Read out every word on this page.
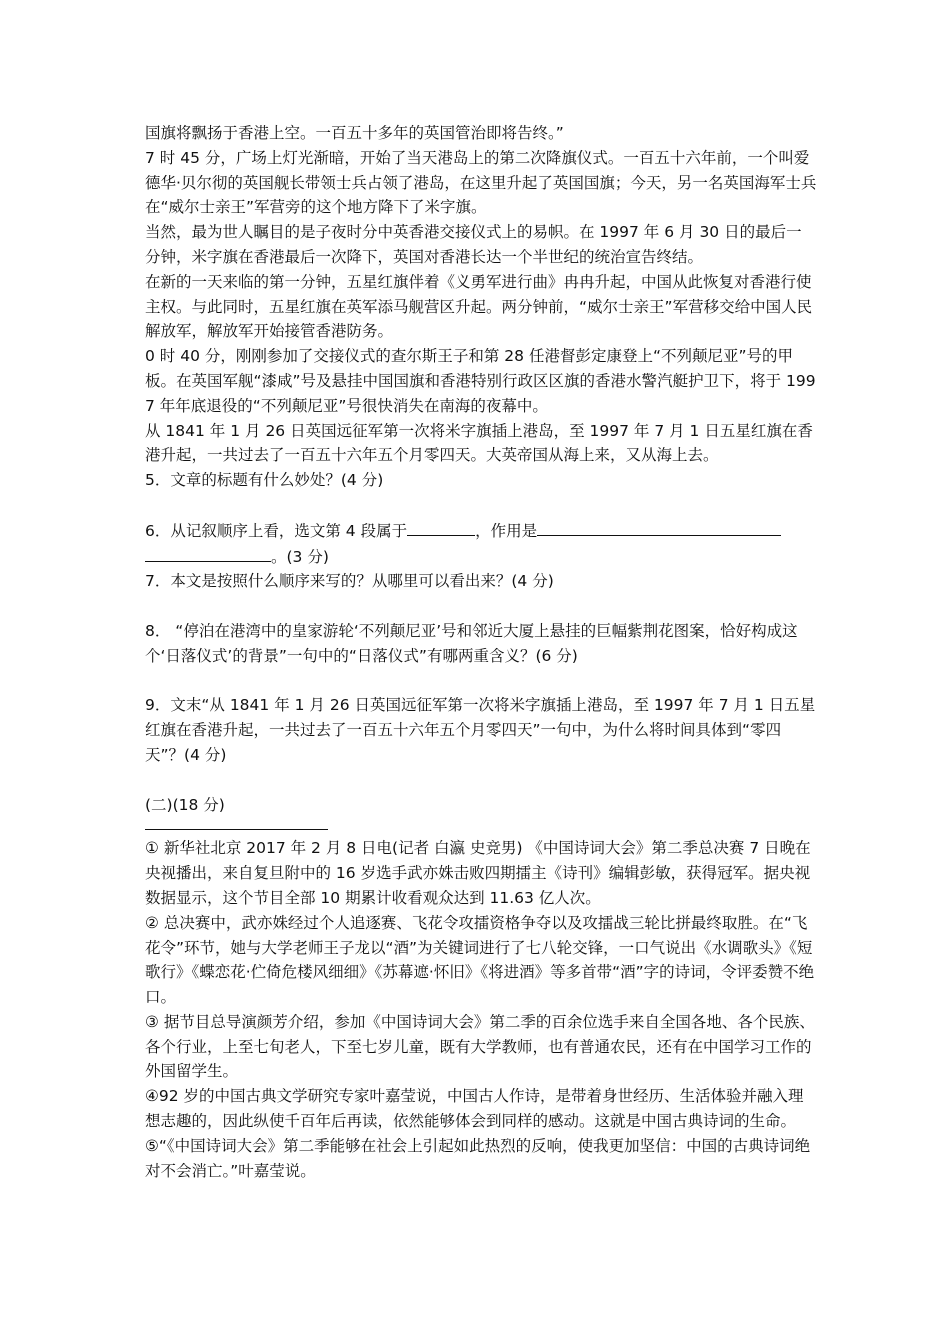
国旗将飘扬于香港上空。一百五十多年的英国管治即将告终。”

7 时 45 分，广场上灯光渐暗，开始了当天港岛上的第二次降旗仪式。一百五十六年前，一个叫爱德华·贝尔彻的英国舰长带领士兵占领了港岛，在这里升起了英国国旗；今天，另一名英国海军士兵在“威尔士亲王”军营旁的这个地方降下了米字旗。

当然，最为世人瞩目的是子夜时分中英香港交接仪式上的易帜。在 1997 年 6 月 30 日的最后一分钟，米字旗在香港最后一次降下，英国对香港长达一个半世纪的统治宣告终结。

在新的一天来临的第一分钟，五星红旗伴着《义勇军进行曲》冉冉升起，中国从此恢复对香港行使主权。与此同时，五星红旗在英军添马舰营区升起。两分钟前，“威尔士亲王”军营移交给中国人民解放军，解放军开始接管香港防务。

0 时 40 分，刚刚参加了交接仪式的查尔斯王子和第 28 任港督彭定康登上“不列颠尼亚”号的甲板。在英国军舰“漆咸”号及悬挂中国国旗和香港特别行政区区旗的香港水警汽艇护卫下，将于 1997 年年底退役的“不列颠尼亚”号很快消失在南海的夜幕中。

从 1841 年 1 月 26 日英国远征军第一次将米字旗插上港岛，至 1997 年 7 月 1 日五星红旗在香港升起，一共过去了一百五十六年五个月零四天。大英帝国从海上来，又从海上去。

5．文章的标题有什么妙处？(4 分)

6．从记叙顺序上看，选文第 4 段属于	，作用是
。(3 分)

7．本文是按照什么顺序来写的？从哪里可以看出来？(4 分)

8． “停泊在港湾中的皇家游轮‘不列颠尼亚’号和邻近大厦上悬挂的巨幅紫荆花图案，恰好构成这个‘日落仪式’的背景”一句中的“日落仪式”有哪两重含义？(6 分)

9．文末“从 1841 年 1 月 26 日英国远征军第一次将米字旗插上港岛，至 1997 年 7 月 1 日五星红旗在香港升起，一共过去了一百五十六年五个月零四天”一句中，为什么将时间具体到“零四天”？(4 分)

(二)(18 分)

① 新华社北京 2017 年 2 月 8 日电(记者 白瀛 史竞男) 《中国诗词大会》第二季总决赛 7 日晚在央视播出，来自复旦附中的 16 岁选手武亦姝击败四期擂主《诗刊》编辑彭敏，获得冠军。据央视数据显示，这个节目全部 10 期累计收看观众达到 11.63 亿人次。

② 总决赛中，武亦姝经过个人追逐赛、飞花令攻擂资格争夺以及攻擂战三轮比拼最终取胜。在“飞花令”环节，她与大学老师王子龙以“酒”为关键词进行了七八轮交锋，一口气说出《水调歌头》《短歌行》《蝶恋花·伫倚危楼风细细》《苏幕遮·怀旧》《将进酒》等多首带“酒”字的诗词，令评委赞不绝口。

③ 据节目总导演颜芳介绍，参加《中国诗词大会》第二季的百余位选手来自全国各地、各个民族、各个行业，上至七旬老人，下至七岁儿童，既有大学教师，也有普通农民，还有在中国学习工作的外国留学生。

④92 岁的中国古典文学研究专家叶嘉莹说，中国古人作诗，是带着身世经历、生活体验并融入理想志趣的，因此纵使千百年后再读，依然能够体会到同样的感动。这就是中国古典诗词的生命。

⑤“《中国诗词大会》第二季能够在社会上引起如此热烈的反响，使我更加坚信：中国的古典诗词绝对不会消亡。”叶嘉莹说。
